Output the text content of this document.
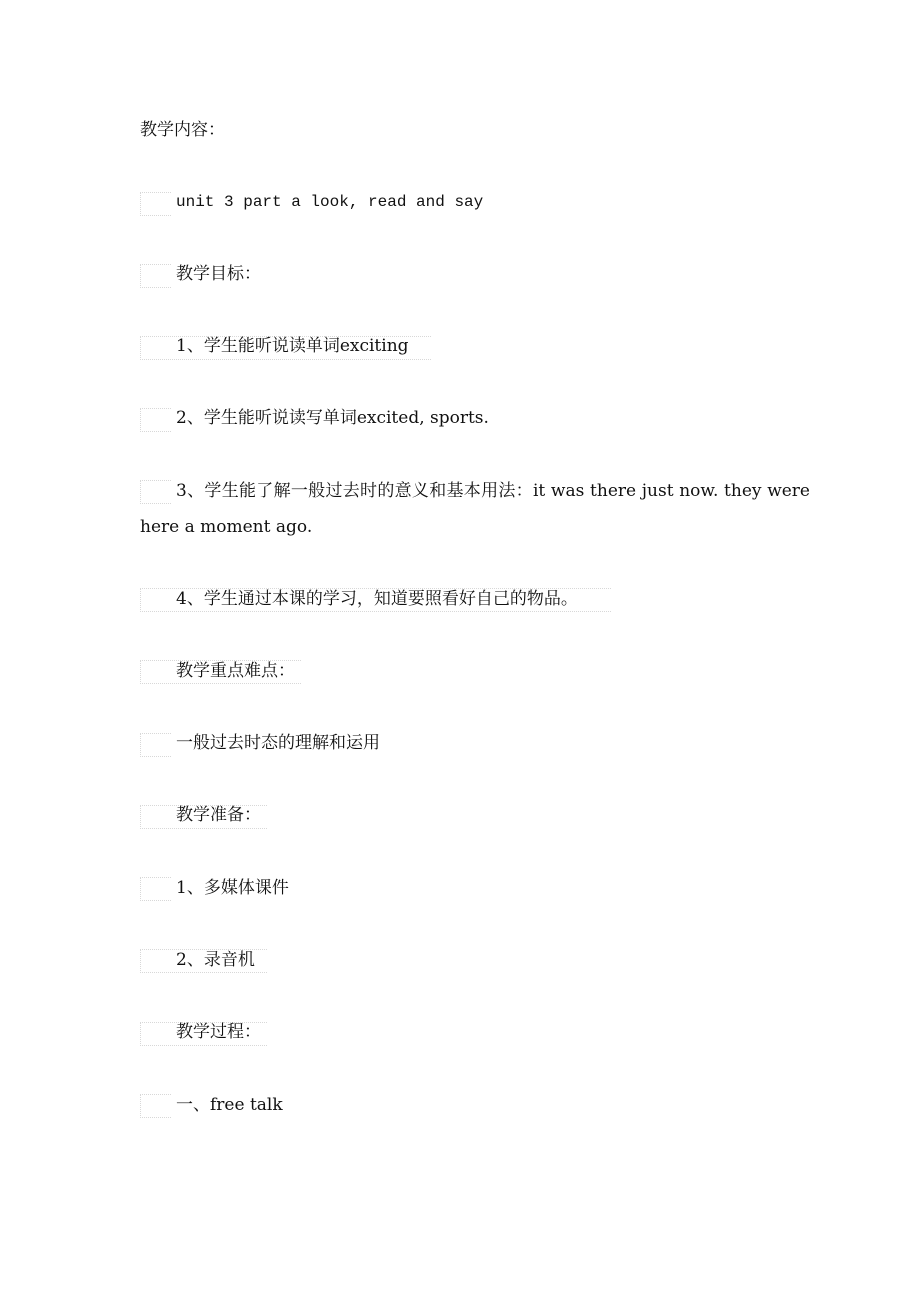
教学内容：
unit 3 part a look, read and say
教学目标：
1、学生能听说读单词exciting
2、学生能听说读写单词excited, sports.
3、学生能了解一般过去时的意义和基本用法：it was there just now. they were here a moment ago.
4、学生通过本课的学习，知道要照看好自己的物品。
教学重点难点：
一般过去时态的理解和运用
教学准备：
1、多媒体课件
2、录音机
教学过程：
一、free talk
